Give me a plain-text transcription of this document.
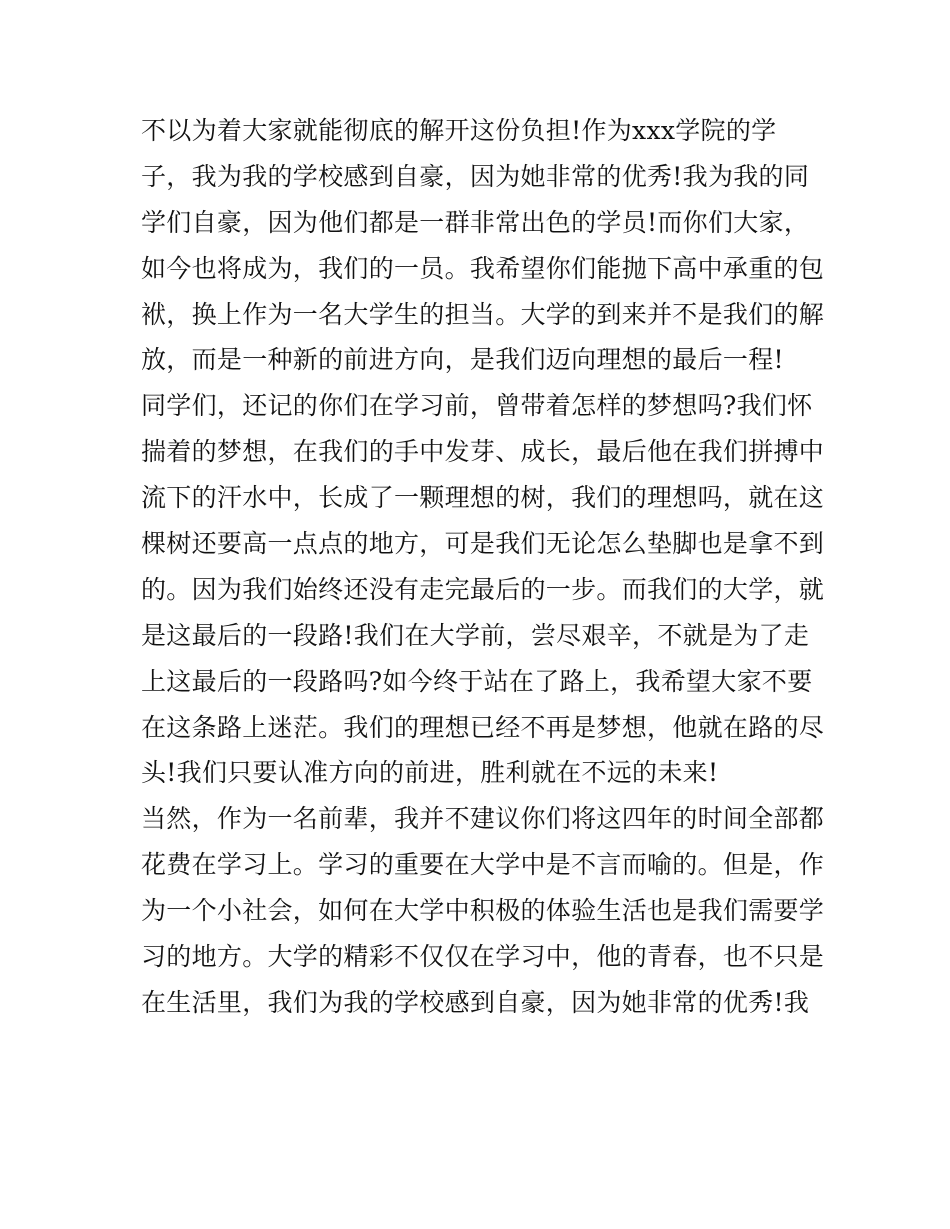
不以为着大家就能彻底的解开这份负担!作为xxx学院的学
子，我为我的学校感到自豪，因为她非常的优秀!我为我的同
学们自豪，因为他们都是一群非常出色的学员!而你们大家，
如今也将成为，我们的一员。我希望你们能抛下高中承重的包
袱，换上作为一名大学生的担当。大学的到来并不是我们的解
放，而是一种新的前进方向，是我们迈向理想的最后一程!
同学们，还记的你们在学习前，曾带着怎样的梦想吗?我们怀
揣着的梦想，在我们的手中发芽、成长，最后他在我们拼搏中
流下的汗水中，长成了一颗理想的树，我们的理想吗，就在这
棵树还要高一点点的地方，可是我们无论怎么垫脚也是拿不到
的。因为我们始终还没有走完最后的一步。而我们的大学，就
是这最后的一段路!我们在大学前，尝尽艰辛，不就是为了走
上这最后的一段路吗?如今终于站在了路上，我希望大家不要
在这条路上迷茫。我们的理想已经不再是梦想，他就在路的尽
头!我们只要认准方向的前进，胜利就在不远的未来!
当然，作为一名前辈，我并不建议你们将这四年的时间全部都
花费在学习上。学习的重要在大学中是不言而喻的。但是，作
为一个小社会，如何在大学中积极的体验生活也是我们需要学
习的地方。大学的精彩不仅仅在学习中，他的青春，也不只是
在生活里，我们为我的学校感到自豪，因为她非常的优秀!我
